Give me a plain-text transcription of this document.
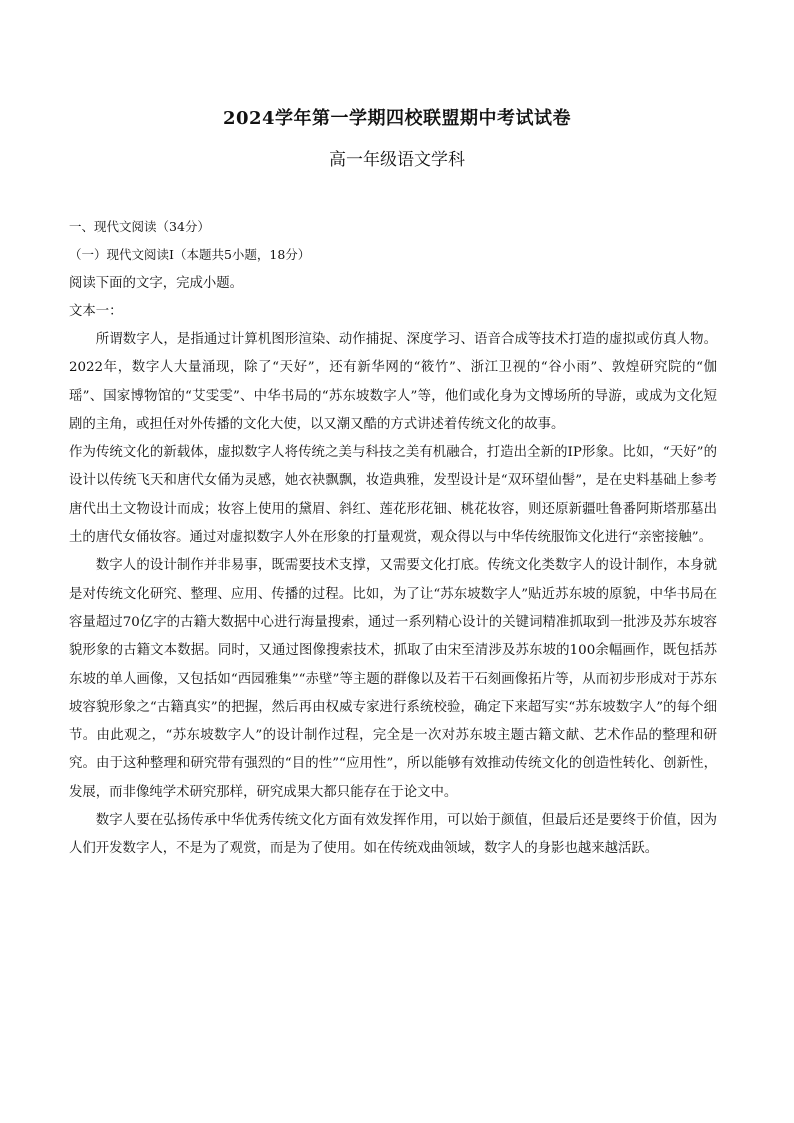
2024学年第一学期四校联盟期中考试试卷
高一年级语文学科

一、现代文阅读（34分）

（一）现代文阅读Ⅰ（本题共5小题，18分）

阅读下面的文字，完成小题。

文本一：

所谓数字人，是指通过计算机图形渲染、动作捕捉、深度学习、语音合成等技术打造的虚拟或仿真人物。 2022年，数字人大量涌现，除了“天好”，还有新华网的“筱竹”、浙江卫视的“谷小雨”、敦煌研究院的“伽瑶”、国家博物馆的“艾雯雯”、中华书局的“苏东坡数字人”等，他们或化身为文博场所的导游，或成为文化短剧的主角，或担任对外传播的文化大使，以又潮又酷的方式讲述着传统文化的故事。

作为传统文化的新载体，虚拟数字人将传统之美与科技之美有机融合，打造出全新的IP形象。比如，“天好”的设计以传统飞天和唐代女俑为灵感，她衣袂飘飘，妆造典雅，发型设计是“双环望仙髻”，是在史料基础上参考唐代出土文物设计而成；妆容上使用的黛眉、斜红、莲花形花钿、桃花妆容，则还原新疆吐鲁番阿斯塔那墓出土的唐代女俑妆容。通过对虚拟数字人外在形象的打量观赏，观众得以与中华传统服饰文化进行“亲密接触”。

数字人的设计制作并非易事，既需要技术支撑，又需要文化打底。传统文化类数字人的设计制作，本身就是对传统文化研究、整理、应用、传播的过程。比如，为了让“苏东坡数字人”贴近苏东坡的原貌，中华书局在容量超过70亿字的古籍大数据中心进行海量搜索，通过一系列精心设计的关键词精准抓取到一批涉及苏东坡容貌形象的古籍文本数据。同时，又通过图像搜索技术，抓取了由宋至清涉及苏东坡的100余幅画作，既包括苏东坡的单人画像，又包括如“西园雅集”“赤壁”等主题的群像以及若干石刻画像拓片等，从而初步形成对于苏东坡容貌形象之“古籍真实”的把握，然后再由权威专家进行系统校验，确定下来超写实“苏东坡数字人”的每个细节。由此观之，“苏东坡数字人”的设计制作过程，完全是一次对苏东坡主题古籍文献、艺术作品的整理和研究。由于这种整理和研究带有强烈的“目的性”“应用性”，所以能够有效推动传统文化的创造性转化、创新性，发展，而非像纯学术研究那样，研究成果大都只能存在于论文中。

数字人要在弘扬传承中华优秀传统文化方面有效发挥作用，可以始于颜值，但最后还是要终于价值，因为人们开发数字人，不是为了观赏，而是为了使用。如在传统戏曲领域，数字人的身影也越来越活跃。
